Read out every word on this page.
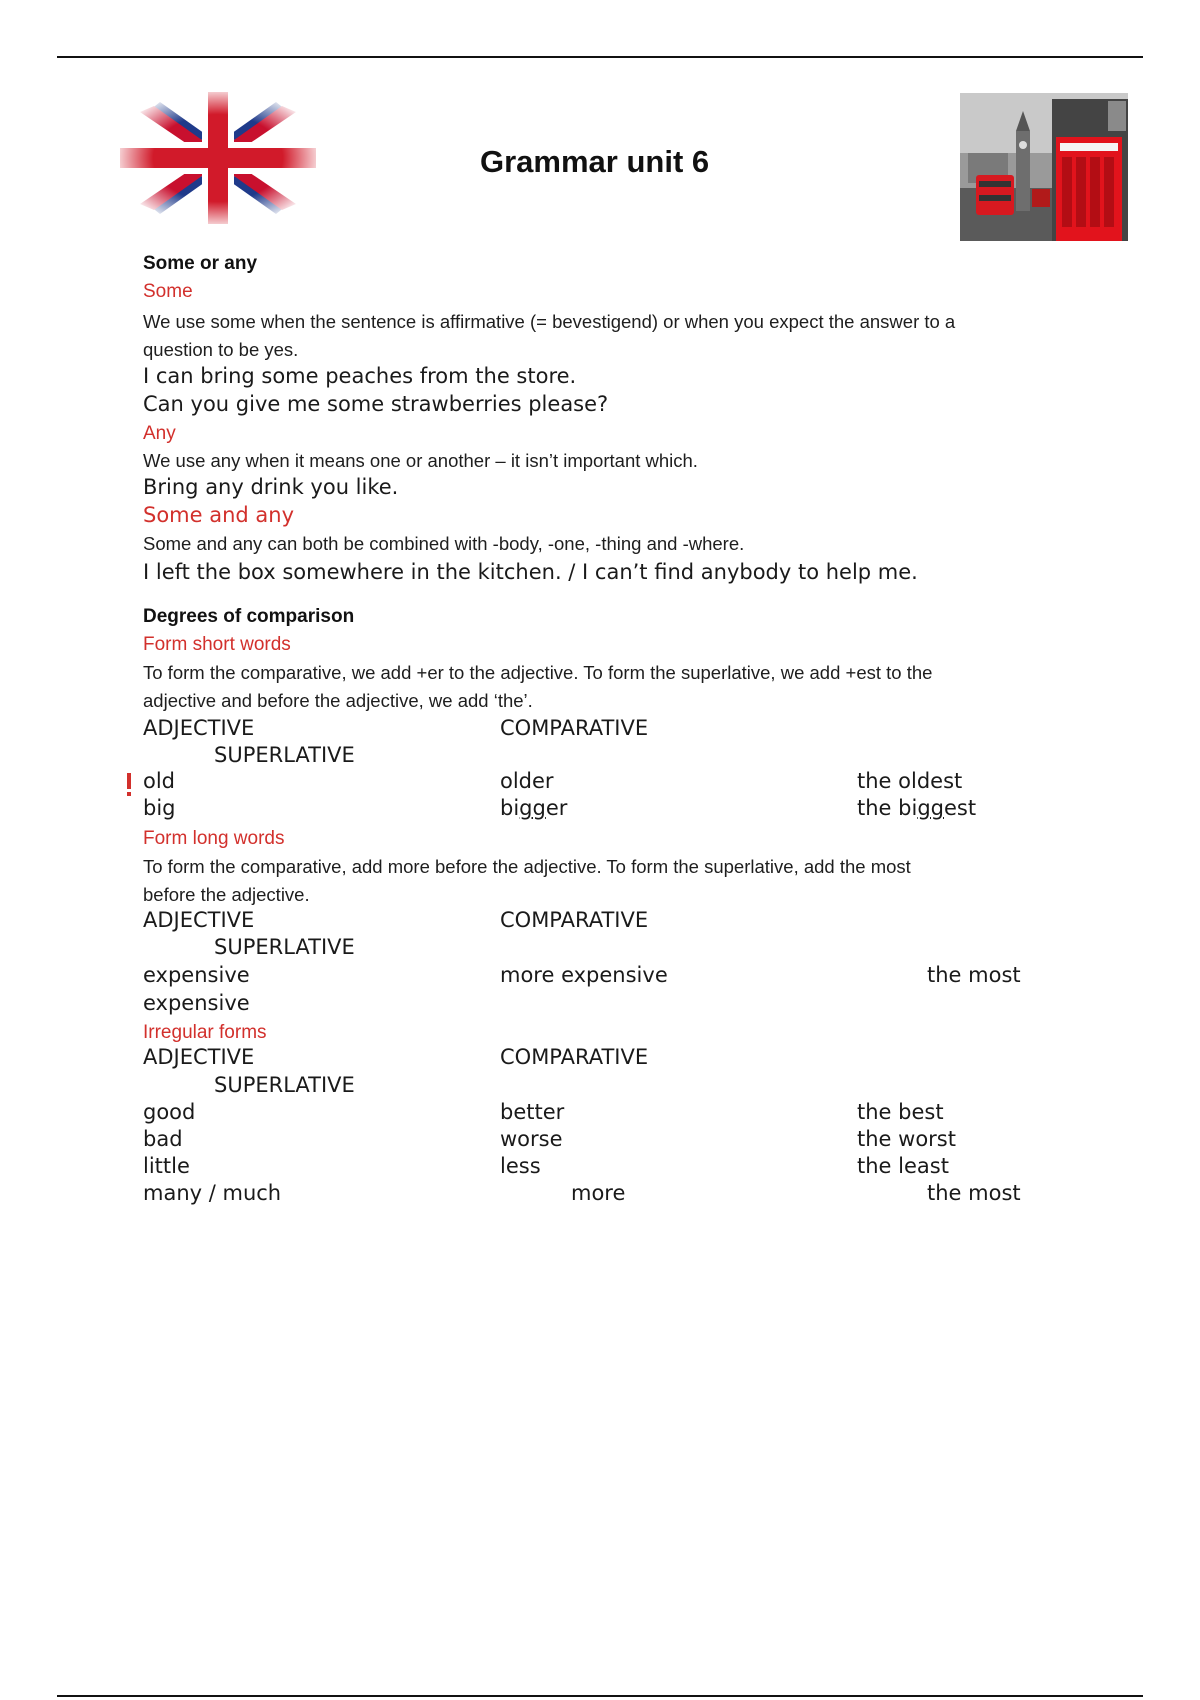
Grammar unit 6
Some or any
Some
We use some when the sentence is affirmative (= bevestigend) or when you expect the answer to a
question to be yes.
I can bring some peaches from the store.
Can you give me some strawberries please?
Any
We use any when it means one or another – it isn’t important which.
Bring any drink you like.
Some and any
Some and any can both be combined with -body, -one, -thing and -where.
I left the box somewhere in the kitchen. / I can’t find anybody to help me.
Degrees of comparison
Form short words
To form the comparative, we add +er to the adjective. To form the superlative, we add +est to the
adjective and before the adjective, we add ‘the’.
ADJECTIVE	COMPARATIVE
SUPERLATIVE
old	older	the oldest
big	bigger	the biggest
Form long words
To form the comparative, add more before the adjective. To form the superlative, add the most
before the adjective.
ADJECTIVE	COMPARATIVE
SUPERLATIVE
expensive	more expensive	the most
expensive
Irregular forms
ADJECTIVE	COMPARATIVE
SUPERLATIVE
good	better	the best
bad	worse	the worst
little	less	the least
many / much	more	the most
